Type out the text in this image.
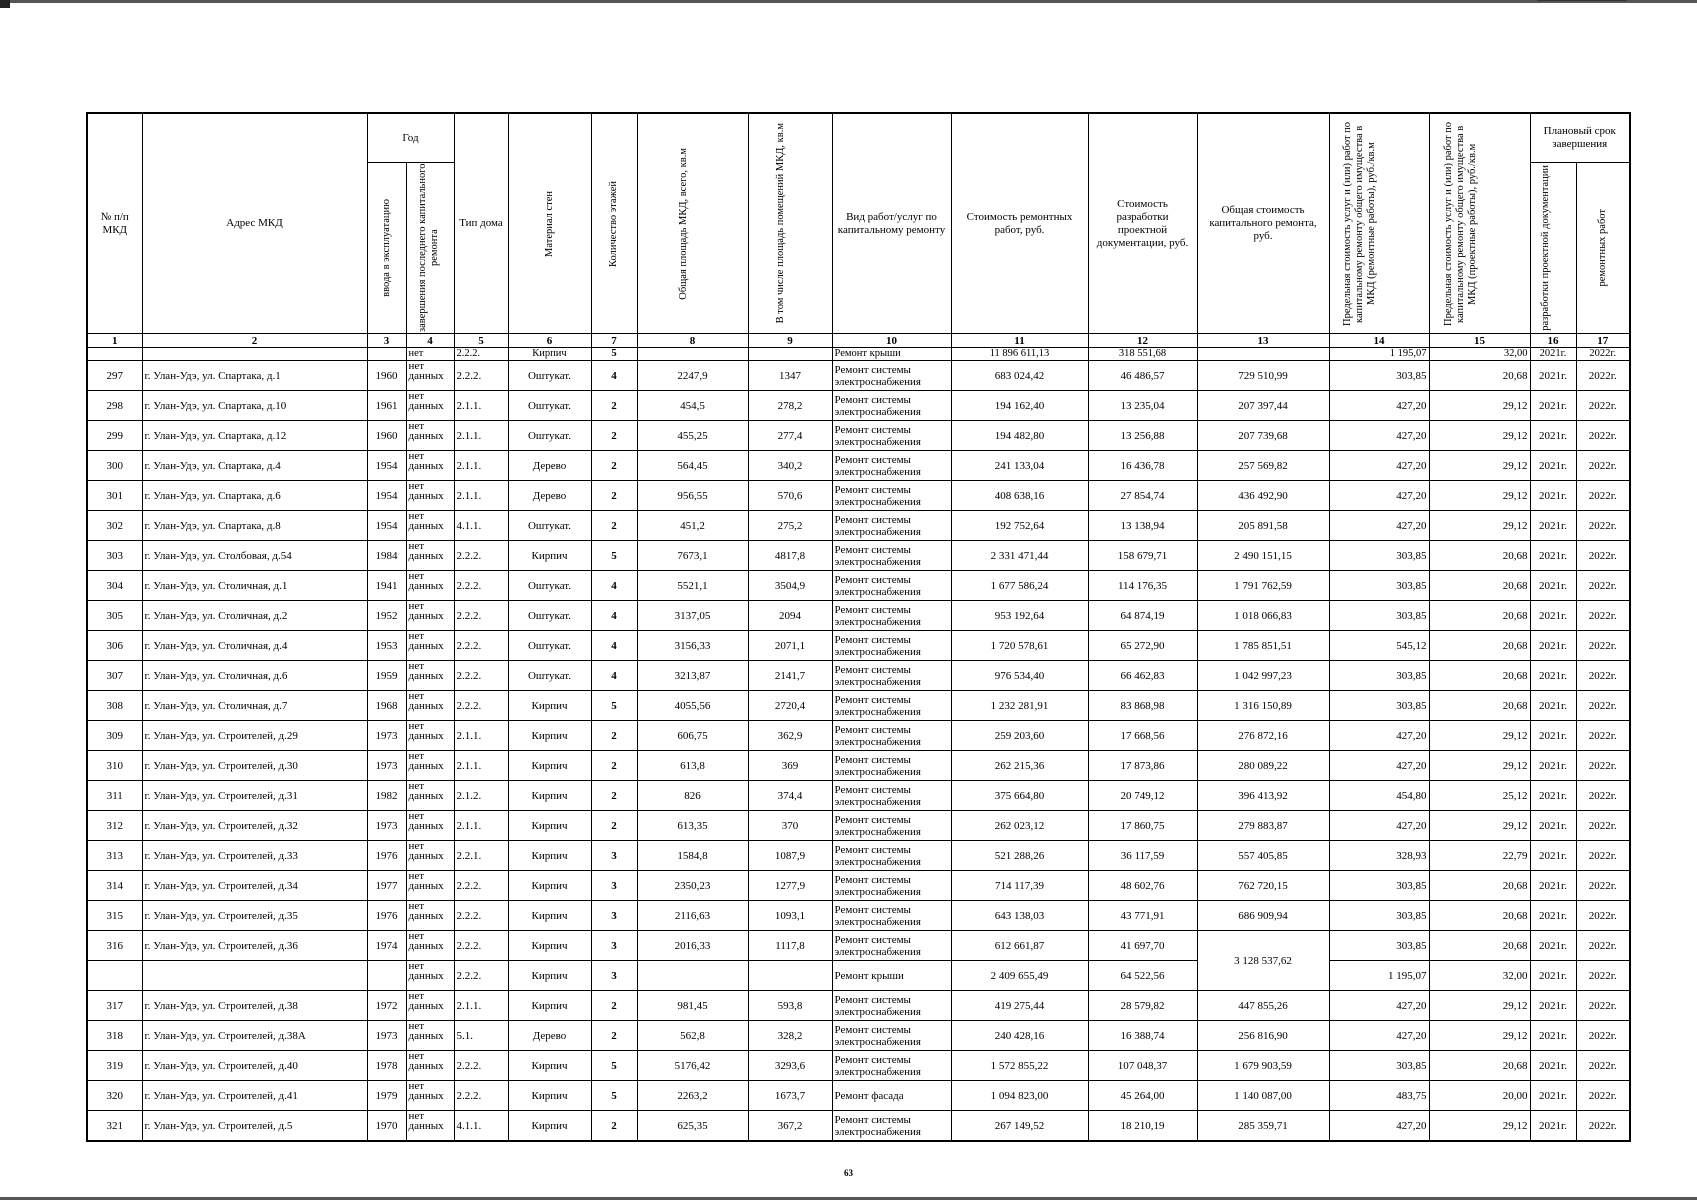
№ п/п МКД	Адрес МКД	Год		Тип дома	Материал стен	Количество этажей	Общая площадь МКД, всего, кв.м	В том числе площадь помещений МКД, кв.м	Вид работ/услуг по капитальному ремонту	Стоимость ремонтных работ, руб.	Стоимость разработки проектной документации, руб.	Общая стоимость капитального ремонта, руб.	Предельная стоимость услуг и (или) работ по капитальному ремонту общего имущества в МКД (ремонтные работы), руб./кв.м	Предельная стоимость услуг и (или) работ по капитальному ремонту общего имущества в МКД (проектные работы), руб./кв.м	Плановый срок завершения	

		ввода в эксплуатацию	завершения последнего капитального ремонта												разработки проектной документации	ремонтных работ

1	2	3	4	5	6	7	8	9	10	11	12	13	14	15	16	17
			нет	2.2.2.	Кирпич	5			Ремонт крыши	11 896 611,13	318 551,68		1 195,07	32,00	2021г.	2022г.
297	г. Улан-Удэ, ул. Спартака, д.1	1960	нет данных	2.2.2.	Оштукат.	4	2247,9	1347	Ремонт системы электроснабжения	683 024,42	46 486,57	729 510,99	303,85	20,68	2021г.	2022г.
298	г. Улан-Удэ, ул. Спартака, д.10	1961	нет данных	2.1.1.	Оштукат.	2	454,5	278,2	Ремонт системы электроснабжения	194 162,40	13 235,04	207 397,44	427,20	29,12	2021г.	2022г.
299	г. Улан-Удэ, ул. Спартака, д.12	1960	нет данных	2.1.1.	Оштукат.	2	455,25	277,4	Ремонт системы электроснабжения	194 482,80	13 256,88	207 739,68	427,20	29,12	2021г.	2022г.
300	г. Улан-Удэ, ул. Спартака, д.4	1954	нет данных	2.1.1.	Дерево	2	564,45	340,2	Ремонт системы электроснабжения	241 133,04	16 436,78	257 569,82	427,20	29,12	2021г.	2022г.
301	г. Улан-Удэ, ул. Спартака, д.6	1954	нет данных	2.1.1.	Дерево	2	956,55	570,6	Ремонт системы электроснабжения	408 638,16	27 854,74	436 492,90	427,20	29,12	2021г.	2022г.
302	г. Улан-Удэ, ул. Спартака, д.8	1954	нет данных	4.1.1.	Оштукат.	2	451,2	275,2	Ремонт системы электроснабжения	192 752,64	13 138,94	205 891,58	427,20	29,12	2021г.	2022г.
303	г. Улан-Удэ, ул. Столбовая, д.54	1984	нет данных	2.2.2.	Кирпич	5	7673,1	4817,8	Ремонт системы электроснабжения	2 331 471,44	158 679,71	2 490 151,15	303,85	20,68	2021г.	2022г.
304	г. Улан-Удэ, ул. Столичная, д.1	1941	нет данных	2.2.2.	Оштукат.	4	5521,1	3504,9	Ремонт системы электроснабжения	1 677 586,24	114 176,35	1 791 762,59	303,85	20,68	2021г.	2022г.
305	г. Улан-Удэ, ул. Столичная, д.2	1952	нет данных	2.2.2.	Оштукат.	4	3137,05	2094	Ремонт системы электроснабжения	953 192,64	64 874,19	1 018 066,83	303,85	20,68	2021г.	2022г.
306	г. Улан-Удэ, ул. Столичная, д.4	1953	нет данных	2.2.2.	Оштукат.	4	3156,33	2071,1	Ремонт системы электроснабжения	1 720 578,61	65 272,90	1 785 851,51	545,12	20,68	2021г.	2022г.
307	г. Улан-Удэ, ул. Столичная, д.6	1959	нет данных	2.2.2.	Оштукат.	4	3213,87	2141,7	Ремонт системы электроснабжения	976 534,40	66 462,83	1 042 997,23	303,85	20,68	2021г.	2022г.
308	г. Улан-Удэ, ул. Столичная, д.7	1968	нет данных	2.2.2.	Кирпич	5	4055,56	2720,4	Ремонт системы электроснабжения	1 232 281,91	83 868,98	1 316 150,89	303,85	20,68	2021г.	2022г.
309	г. Улан-Удэ, ул. Строителей, д.29	1973	нет данных	2.1.1.	Кирпич	2	606,75	362,9	Ремонт системы электроснабжения	259 203,60	17 668,56	276 872,16	427,20	29,12	2021г.	2022г.
310	г. Улан-Удэ, ул. Строителей, д.30	1973	нет данных	2.1.1.	Кирпич	2	613,8	369	Ремонт системы электроснабжения	262 215,36	17 873,86	280 089,22	427,20	29,12	2021г.	2022г.
311	г. Улан-Удэ, ул. Строителей, д.31	1982	нет данных	2.1.2.	Кирпич	2	826	374,4	Ремонт системы электроснабжения	375 664,80	20 749,12	396 413,92	454,80	25,12	2021г.	2022г.
312	г. Улан-Удэ, ул. Строителей, д.32	1973	нет данных	2.1.1.	Кирпич	2	613,35	370	Ремонт системы электроснабжения	262 023,12	17 860,75	279 883,87	427,20	29,12	2021г.	2022г.
313	г. Улан-Удэ, ул. Строителей, д.33	1976	нет данных	2.2.1.	Кирпич	3	1584,8	1087,9	Ремонт системы электроснабжения	521 288,26	36 117,59	557 405,85	328,93	22,79	2021г.	2022г.
314	г. Улан-Удэ, ул. Строителей, д.34	1977	нет данных	2.2.2.	Кирпич	3	2350,23	1277,9	Ремонт системы электроснабжения	714 117,39	48 602,76	762 720,15	303,85	20,68	2021г.	2022г.
315	г. Улан-Удэ, ул. Строителей, д.35	1976	нет данных	2.2.2.	Кирпич	3	2116,63	1093,1	Ремонт системы электроснабжения	643 138,03	43 771,91	686 909,94	303,85	20,68	2021г.	2022г.
316	г. Улан-Удэ, ул. Строителей, д.36	1974	нет данных	2.2.2.	Кирпич	3	2016,33	1117,8	Ремонт системы электроснабжения	612 661,87	41 697,70	3 128 537,62	303,85	20,68	2021г.	2022г.
			нет данных	2.2.2.	Кирпич	3			Ремонт крыши	2 409 655,49	64 522,56		1 195,07	32,00	2021г.	2022г.
317	г. Улан-Удэ, ул. Строителей, д.38	1972	нет данных	2.1.1.	Кирпич	2	981,45	593,8	Ремонт системы электроснабжения	419 275,44	28 579,82	447 855,26	427,20	29,12	2021г.	2022г.
318	г. Улан-Удэ, ул. Строителей, д.38А	1973	нет данных	5.1.	Дерево	2	562,8	328,2	Ремонт системы электроснабжения	240 428,16	16 388,74	256 816,90	427,20	29,12	2021г.	2022г.
319	г. Улан-Удэ, ул. Строителей, д.40	1978	нет данных	2.2.2.	Кирпич	5	5176,42	3293,6	Ремонт системы электроснабжения	1 572 855,22	107 048,37	1 679 903,59	303,85	20,68	2021г.	2022г.
320	г. Улан-Удэ, ул. Строителей, д.41	1979	нет данных	2.2.2.	Кирпич	5	2263,2	1673,7	Ремонт фасада	1 094 823,00	45 264,00	1 140 087,00	483,75	20,00	2021г.	2022г.
321	г. Улан-Удэ, ул. Строителей, д.5	1970	нет данных	4.1.1.	Кирпич	2	625,35	367,2	Ремонт системы электроснабжения	267 149,52	18 210,19	285 359,71	427,20	29,12	2021г.	2022г.
63
